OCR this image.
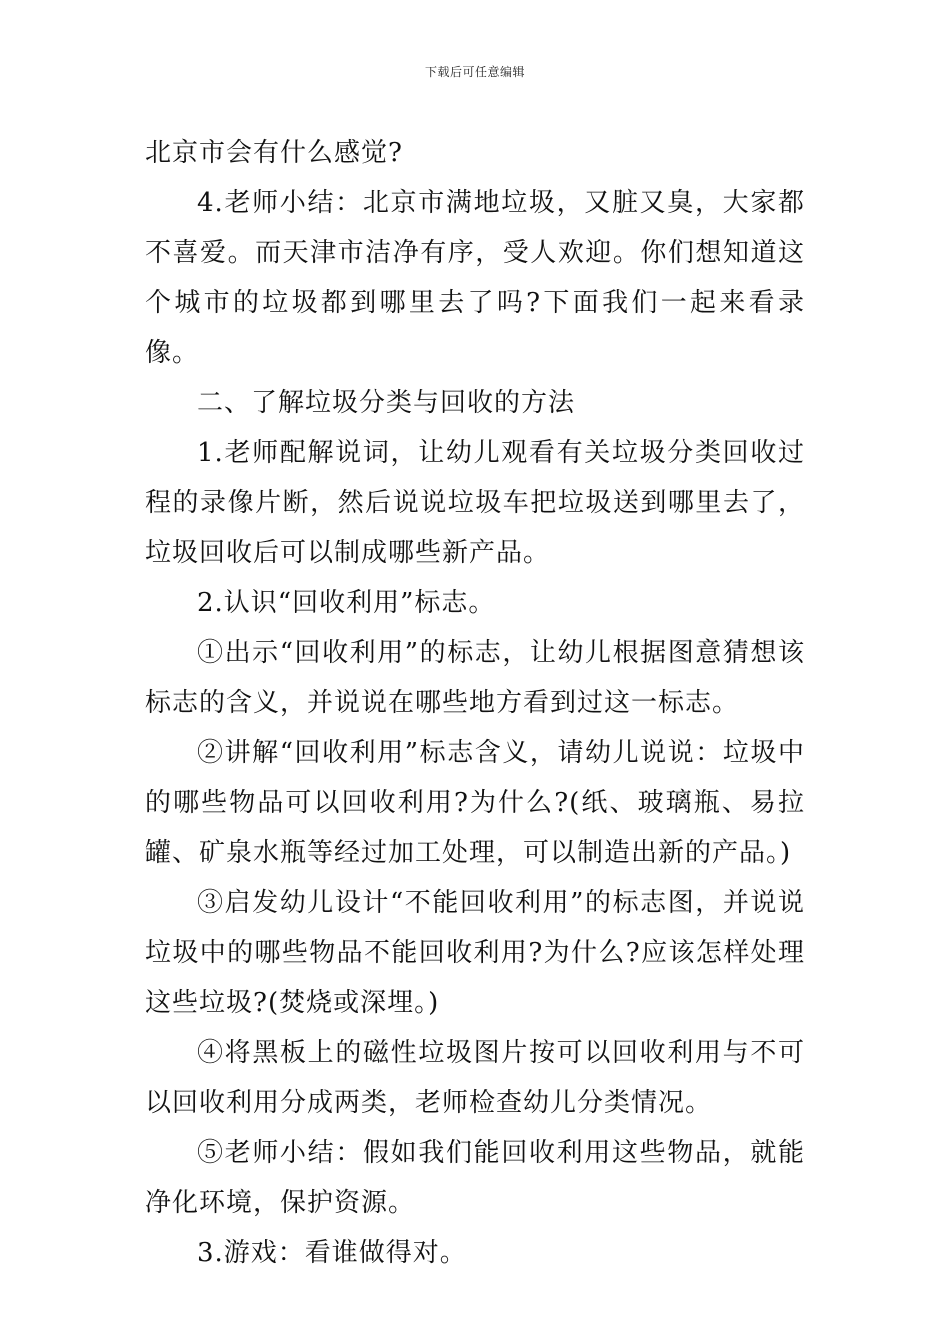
下载后可任意编辑

北京市会有什么感觉?

4.老师小结：北京市满地垃圾，又脏又臭，大家都不喜爱。而天津市洁净有序，受人欢迎。你们想知道这个城市的垃圾都到哪里去了吗?下面我们一起来看录像。

二、了解垃圾分类与回收的方法

1.老师配解说词，让幼儿观看有关垃圾分类回收过程的录像片断，然后说说垃圾车把垃圾送到哪里去了，垃圾回收后可以制成哪些新产品。

2.认识“回收利用”标志。

①出示“回收利用”的标志，让幼儿根据图意猜想该标志的含义，并说说在哪些地方看到过这一标志。

②讲解“回收利用”标志含义，请幼儿说说：垃圾中的哪些物品可以回收利用?为什么?(纸、玻璃瓶、易拉罐、矿泉水瓶等经过加工处理，可以制造出新的产品。)

③启发幼儿设计“不能回收利用”的标志图，并说说垃圾中的哪些物品不能回收利用?为什么?应该怎样处理这些垃圾?(焚烧或深埋。)

④将黑板上的磁性垃圾图片按可以回收利用与不可以回收利用分成两类，老师检查幼儿分类情况。

⑤老师小结：假如我们能回收利用这些物品，就能净化环境，保护资源。

3.游戏：看谁做得对。
